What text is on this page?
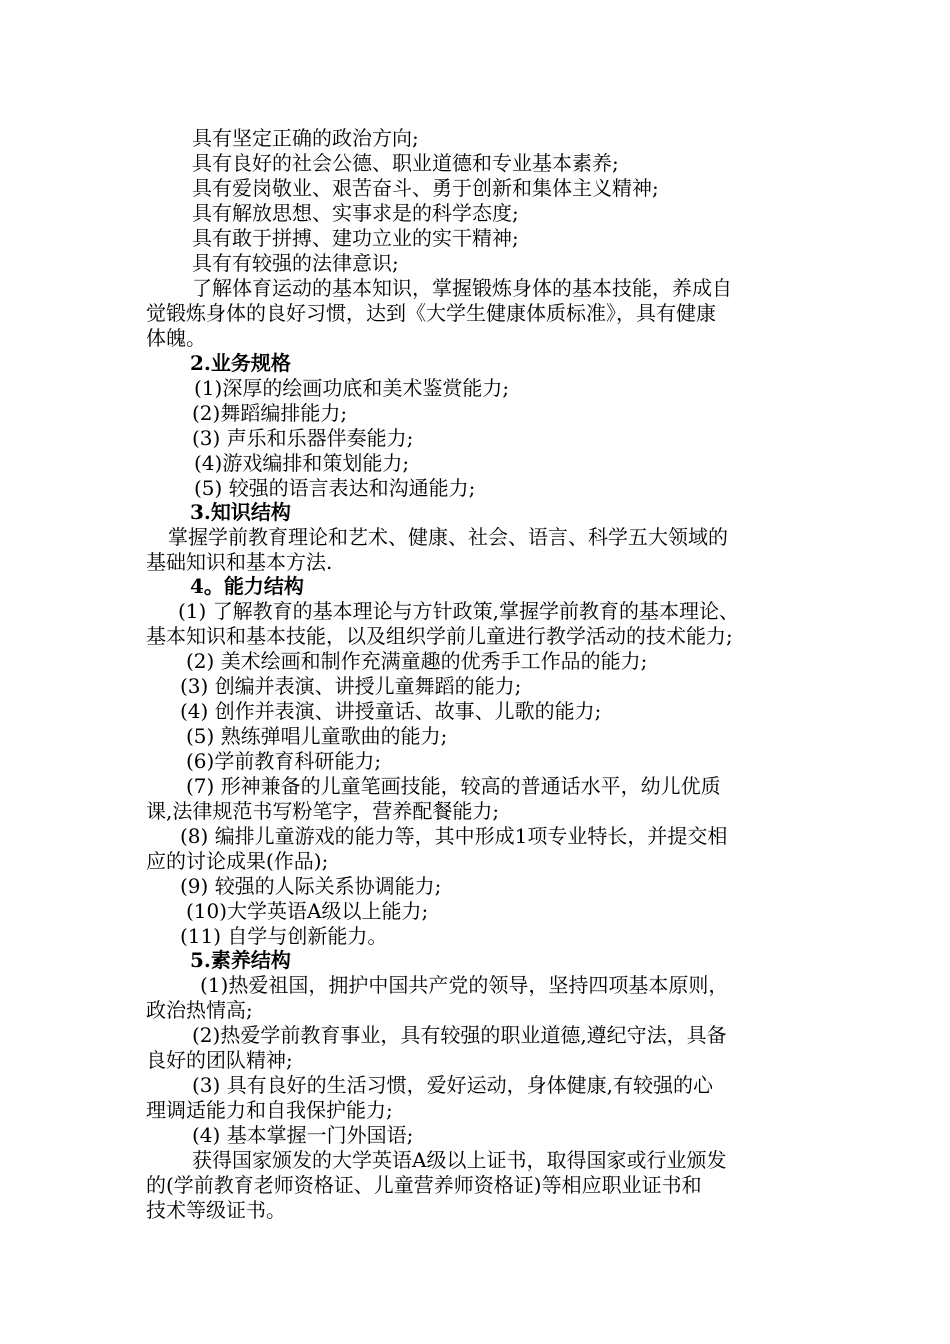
具有坚定正确的政治方向;
具有良好的社会公德、职业道德和专业基本素养;
具有爱岗敬业、艰苦奋斗、勇于创新和集体主义精神;
具有解放思想、实事求是的科学态度;
具有敢于拼搏、建功立业的实干精神;
具有有较强的法律意识;
了解体育运动的基本知识，掌握锻炼身体的基本技能，养成自
觉锻炼身体的良好习惯，达到《大学生健康体质标准》，具有健康
体魄。
2.业务规格
(1)深厚的绘画功底和美术鉴赏能力;
(2)舞蹈编排能力;
(3) 声乐和乐器伴奏能力;
(4)游戏编排和策划能力;
(5) 较强的语言表达和沟通能力;
3.知识结构
掌握学前教育理论和艺术、健康、社会、语言、科学五大领域的
基础知识和基本方法.
4。能力结构
(1) 了解教育的基本理论与方针政策,掌握学前教育的基本理论、
基本知识和基本技能，以及组织学前儿童进行教学活动的技术能力;
(2) 美术绘画和制作充满童趣的优秀手工作品的能力;
(3) 创编并表演、讲授儿童舞蹈的能力;
(4) 创作并表演、讲授童话、故事、儿歌的能力;
(5) 熟练弹唱儿童歌曲的能力;
(6)学前教育科研能力;
(7) 形神兼备的儿童笔画技能，较高的普通话水平，幼儿优质
课,法律规范书写粉笔字，营养配餐能力;
(8) 编排儿童游戏的能力等，其中形成1项专业特长，并提交相
应的讨论成果(作品);
(9) 较强的人际关系协调能力;
(10)大学英语A级以上能力;
(11) 自学与创新能力。
5.素养结构
(1)热爱祖国，拥护中国共产党的领导，坚持四项基本原则，
政治热情高;
(2)热爱学前教育事业，具有较强的职业道德,遵纪守法，具备
良好的团队精神;
(3) 具有良好的生活习惯，爱好运动，身体健康,有较强的心
理调适能力和自我保护能力;
(4) 基本掌握一门外国语;
获得国家颁发的大学英语A级以上证书，取得国家或行业颁发
的(学前教育老师资格证、儿童营养师资格证)等相应职业证书和
技术等级证书。
